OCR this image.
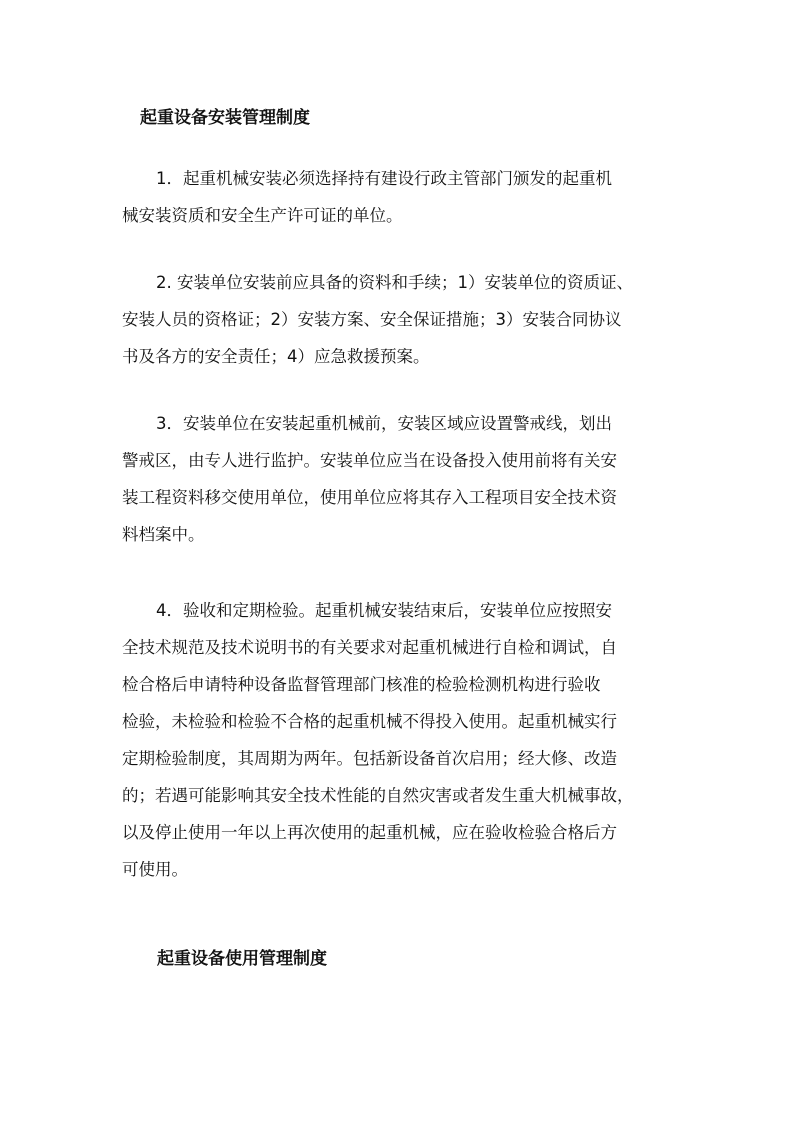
起重设备安装管理制度
1．起重机械安装必须选择持有建设行政主管部门颁发的起重机
械安装资质和安全生产许可证的单位。
2. 安装单位安装前应具备的资料和手续；1）安装单位的资质证、
安装人员的资格证；2）安装方案、安全保证措施；3）安装合同协议
书及各方的安全责任；4）应急救援预案。
3．安装单位在安装起重机械前，安装区域应设置警戒线，划出
警戒区，由专人进行监护。安装单位应当在设备投入使用前将有关安
装工程资料移交使用单位，使用单位应将其存入工程项目安全技术资
料档案中。
4．验收和定期检验。起重机械安装结束后，安装单位应按照安
全技术规范及技术说明书的有关要求对起重机械进行自检和调试，自
检合格后申请特种设备监督管理部门核准的检验检测机构进行验收
检验，未检验和检验不合格的起重机械不得投入使用。起重机械实行
定期检验制度，其周期为两年。包括新设备首次启用；经大修、改造
的；若遇可能影响其安全技术性能的自然灾害或者发生重大机械事故，
以及停止使用一年以上再次使用的起重机械，应在验收检验合格后方
可使用。
起重设备使用管理制度
